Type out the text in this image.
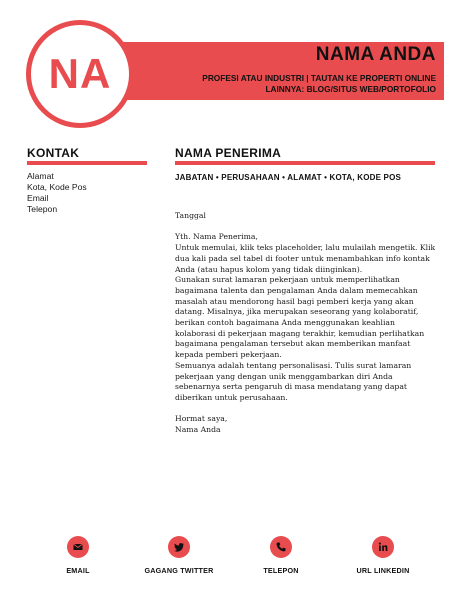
NA	NAMA ANDA
PROFESI ATAU INDUSTRI | TAUTAN KE PROPERTI ONLINE
LAINNYA: BLOG/SITUS WEB/PORTOFOLIO
KONTAK
Alamat
Kota, Kode Pos
Email
Telepon
NAMA PENERIMA
JABATAN • PERUSAHAAN • ALAMAT • KOTA, KODE POS

Tanggal

Yth. Nama Penerima,

Untuk memulai, klik teks placeholder, lalu mulailah mengetik. Klik dua kali pada sel tabel di footer untuk menambahkan info kontak Anda (atau hapus kolom yang tidak diinginkan).

Gunakan surat lamaran pekerjaan untuk memperlihatkan bagaimana talenta dan pengalaman Anda dalam memecahkan masalah atau mendorong hasil bagi pemberi kerja yang akan datang. Misalnya, jika merupakan seseorang yang kolaboratif, berikan contoh bagaimana Anda menggunakan keahlian kolaborasi di pekerjaan magang terakhir, kemudian perlihatkan bagaimana pengalaman tersebut akan memberikan manfaat kepada pemberi pekerjaan.

Semuanya adalah tentang personalisasi. Tulis surat lamaran pekerjaan yang dengan unik menggambarkan diri Anda sebenarnya serta pengaruh di masa mendatang yang dapat diberikan untuk perusahaan.

Hormat saya,

Nama Anda

EMAIL	GAGANG TWITTER	TELEPON	URL LINKEDIN
